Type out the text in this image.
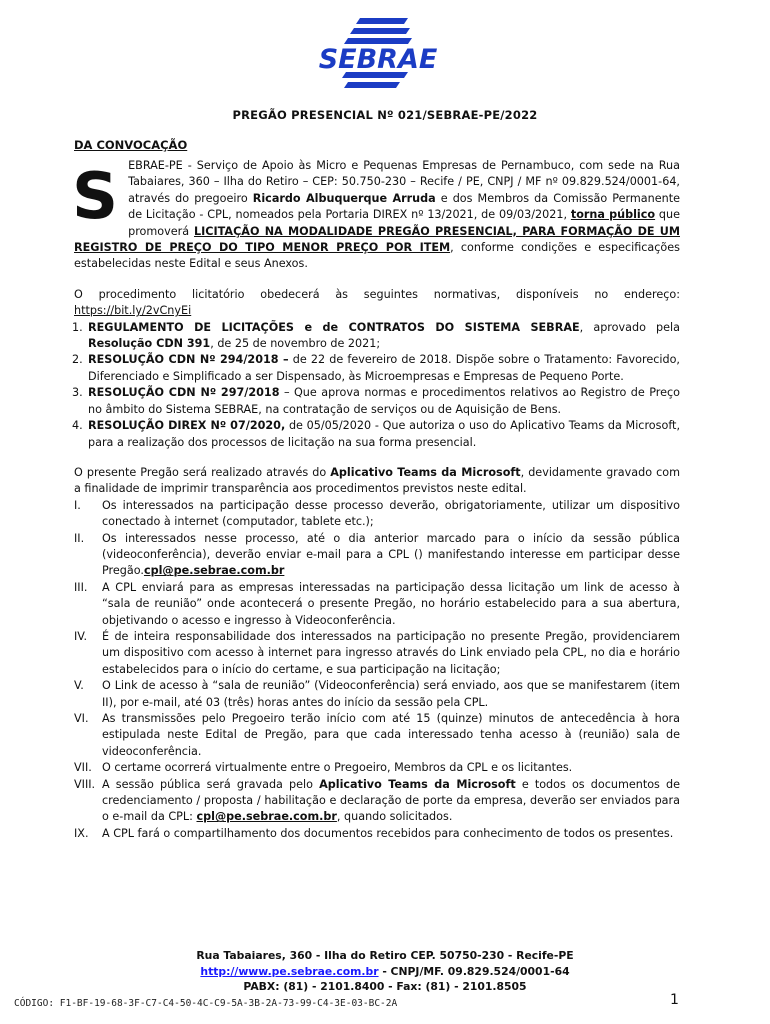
SEBRAE
PREGÃO PRESENCIAL Nº 021/SEBRAE-PE/2022
DA CONVOCAÇÃO
S EBRAE-PE - Serviço de Apoio às Micro e Pequenas Empresas de Pernambuco, com sede na Rua Tabaiares, 360 – Ilha do Retiro – CEP: 50.750-230 – Recife / PE, CNPJ / MF nº 09.829.524/0001-64, através do pregoeiro Ricardo Albuquerque Arruda e dos Membros da Comissão Permanente de Licitação - CPL, nomeados pela Portaria DIREX nº 13/2021, de 09/03/2021, torna público que promoverá LICITAÇÃO NA MODALIDADE PREGÃO PRESENCIAL, PARA FORMAÇÃO DE UM REGISTRO DE PREÇO DO TIPO MENOR PREÇO POR ITEM, conforme condições e especificações estabelecidas neste Edital e seus Anexos.

O procedimento licitatório obedecerá às seguintes normativas, disponíveis no endereço: https://bit.ly/2vCnyEi

1. REGULAMENTO DE LICITAÇÕES e de CONTRATOS DO SISTEMA SEBRAE, aprovado pela Resolução CDN 391, de 25 de novembro de 2021;
2. RESOLUÇÃO CDN Nº 294/2018 – de 22 de fevereiro de 2018. Dispõe sobre o Tratamento: Favorecido, Diferenciado e Simplificado a ser Dispensado, às Microempresas e Empresas de Pequeno Porte.
3. RESOLUÇÃO CDN Nº 297/2018 – Que aprova normas e procedimentos relativos ao Registro de Preço no âmbito do Sistema SEBRAE, na contratação de serviços ou de Aquisição de Bens.
4. RESOLUÇÃO DIREX Nº 07/2020, de 05/05/2020 - Que autoriza o uso do Aplicativo Teams da Microsoft, para a realização dos processos de licitação na sua forma presencial.

O presente Pregão será realizado através do Aplicativo Teams da Microsoft, devidamente gravado com a finalidade de imprimir transparência aos procedimentos previstos neste edital.

I. Os interessados na participação desse processo deverão, obrigatoriamente, utilizar um dispositivo conectado à internet (computador, tablete etc.);
II. Os interessados nesse processo, até o dia anterior marcado para o início da sessão pública (videoconferência), deverão enviar e-mail para a CPL () manifestando interesse em participar desse Pregão.cpl@pe.sebrae.com.br
III. A CPL enviará para as empresas interessadas na participação dessa licitação um link de acesso à “sala de reunião” onde acontecerá o presente Pregão, no horário estabelecido para a sua abertura, objetivando o acesso e ingresso à Videoconferência.
IV. É de inteira responsabilidade dos interessados na participação no presente Pregão, providenciarem um dispositivo com acesso à internet para ingresso através do Link enviado pela CPL, no dia e horário estabelecidos para o início do certame, e sua participação na licitação;
V. O Link de acesso à “sala de reunião” (Videoconferência) será enviado, aos que se manifestarem (item II), por e-mail, até 03 (três) horas antes do início da sessão pela CPL.
VI. As transmissões pelo Pregoeiro terão início com até 15 (quinze) minutos de antecedência à hora estipulada neste Edital de Pregão, para que cada interessado tenha acesso à (reunião) sala de videoconferência.
VII. O certame ocorrerá virtualmente entre o Pregoeiro, Membros da CPL e os licitantes.
VIII. A sessão pública será gravada pelo Aplicativo Teams da Microsoft e todos os documentos de credenciamento / proposta / habilitação e declaração de porte da empresa, deverão ser enviados para o e-mail da CPL: cpl@pe.sebrae.com.br, quando solicitados.
IX. A CPL fará o compartilhamento dos documentos recebidos para conhecimento de todos os presentes.
Rua Tabaiares, 360 - Ilha do Retiro CEP. 50750-230 - Recife-PE
http://www.pe.sebrae.com.br - CNPJ/MF. 09.829.524/0001-64
PABX: (81) - 2101.8400 - Fax: (81) - 2101.8505
CÓDIGO: F1-BF-19-68-3F-C7-C4-50-4C-C9-5A-3B-2A-73-99-C4-3E-03-BC-2A	1
